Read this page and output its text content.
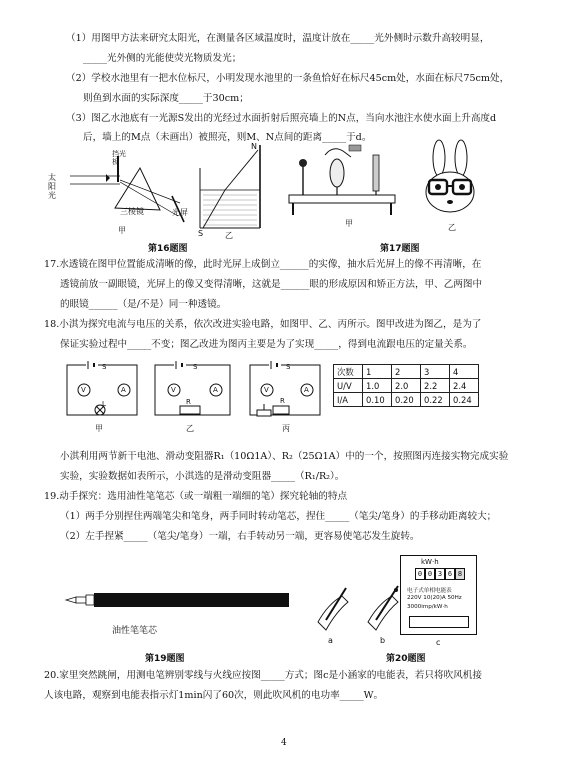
（1）用图甲方法来研究太阳光，在测量各区域温度时，温度计放在_____光外侧时示数升高较明显，
_____光外侧的光能使荧光物质发光；
（2）学校水池里有一把水位标尺，小明发现水池里的一条鱼恰好在标尺45cm处，水面在标尺75cm处，
则鱼到水面的实际深度_____于30cm；
（3）图乙水池底有一光源S发出的光经过水面折射后照亮墙上的N点，当向水池注水使水面上升高度d
后，墙上的M点（未画出）被照亮，则M、N点间的距离_____于d。
太阳光
挡光板
三棱镜	光屏
甲	S
N
乙
第16题图
甲	乙
第17题图
17.水透镜在图甲位置能成清晰的像，此时光屏上成倒立______的实像，抽水后光屏上的像不再清晰，在
透镜前放一副眼镜，光屏上的像又变得清晰，这就是______眼的形成原因和矫正方法，甲、乙两图中
的眼镜______（是/不是）同一种透镜。
18.小淇为探究电流与电压的关系，依次改进实验电路，如图甲、乙、丙所示。图甲改进为图乙，是为了
保证实验过程中_____不变；图乙改进为图丙主要是为了实现_____，得到电流跟电压的定量关系。
V	A
S
L
甲
V	A
S
R
乙
V	A
S
R
丙
次数	1	2	3	4
U/V	1.0	2.0	2.2	2.4
I/A	0.10	0.20	0.22	0.24
小淇利用两节新干电池、滑动变阻器R₁（10Ω1A）、R₂（25Ω1A）中的一个，按照图丙连接实物完成实验
实验，实验数据如表所示，小淇选的是滑动变阻器_____（R₁/R₂）。
19.动手探究：选用油性笔笔芯（或一端粗一端细的笔）探究轮轴的特点
（1）两手分别捏住两端笔尖和笔身，两手同时转动笔芯，捏住_____（笔尖/笔身）的手移动距离较大；
（2）左手捏紧_____（笔尖/笔身）一端，右手转动另一端，更容易使笔芯发生旋转。
油性笔笔芯
第19题图
a	b
kW·h
0 0 3 6 8
电子式单相电能表
220V 10(20)A 50Hz
3000imp/kW·h
c
第20题图
20.家里突然跳闸，用测电笔辨别零线与火线应按图_____方式；图c是小涵家的电能表，若只将吹风机接
人该电路，观察到电能表指示灯1min闪了60次，则此吹风机的电功率_____W。
4
